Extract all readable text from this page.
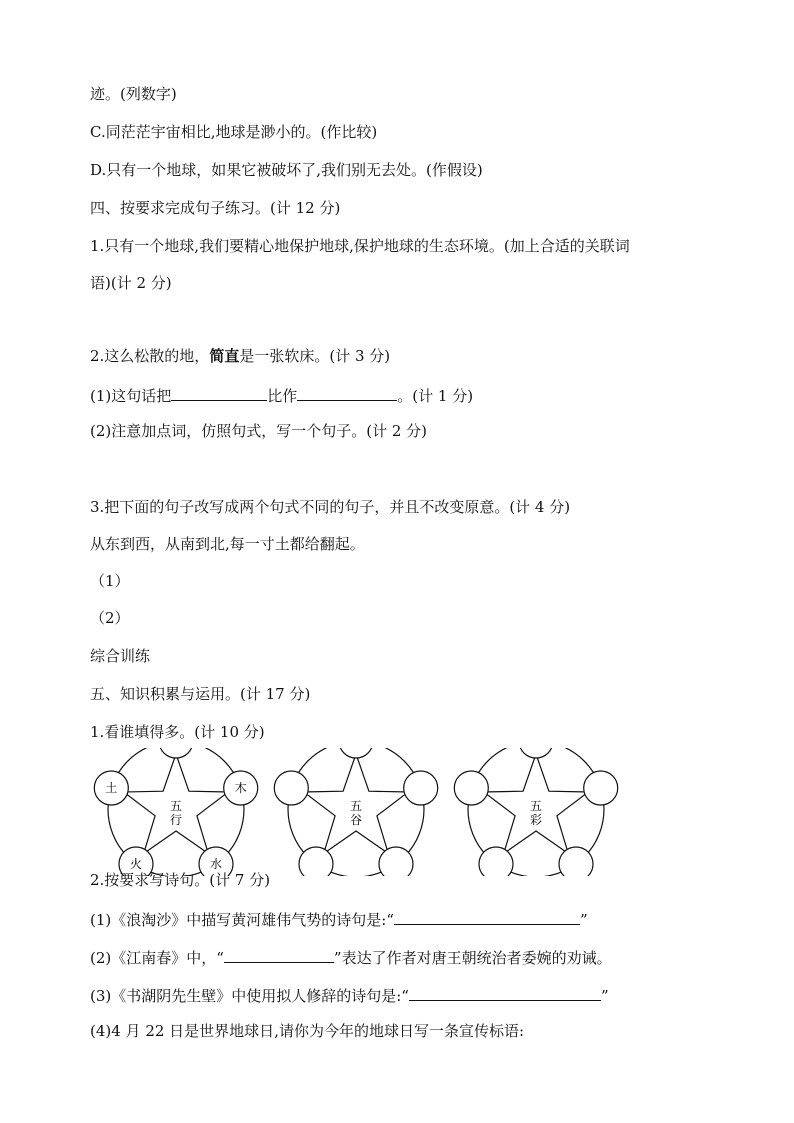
迹。(列数字)
C.同茫茫宇宙相比,地球是渺小的。(作比较)
D.只有一个地球，如果它被破坏了,我们别无去处。(作假设)
四、按要求完成句子练习。(计 12 分)
1.只有一个地球,我们要精心地保护地球,保护地球的生态环境。(加上合适的关联词
语)(计 2 分)
2.这么松散的地，简直是一张软床。(计 3 分)
(1)这句话把	比作	。(计 1 分)
(2)注意加点词，仿照句式，写一个句子。(计 2 分)
3.把下面的句子改写成两个句式不同的句子，并且不改变原意。(计 4 分)
从东到西，从南到北,每一寸土都给翻起。
（1）
（2）
综合训练
五、知识积累与运用。(计 17 分)
1.看谁填得多。(计 10 分)
五
行
木
水
火
土
五
谷
五
彩
2.按要求写诗句。(计 7 分)
(1)《浪淘沙》中描写黄河雄伟气势的诗句是:“	”
(2)《江南春》中，“	”表达了作者对唐王朝统治者委婉的劝诫。
(3)《书湖阴先生壁》中使用拟人修辞的诗句是:“	”
(4)4 月 22 日是世界地球日,请你为今年的地球日写一条宣传标语:
